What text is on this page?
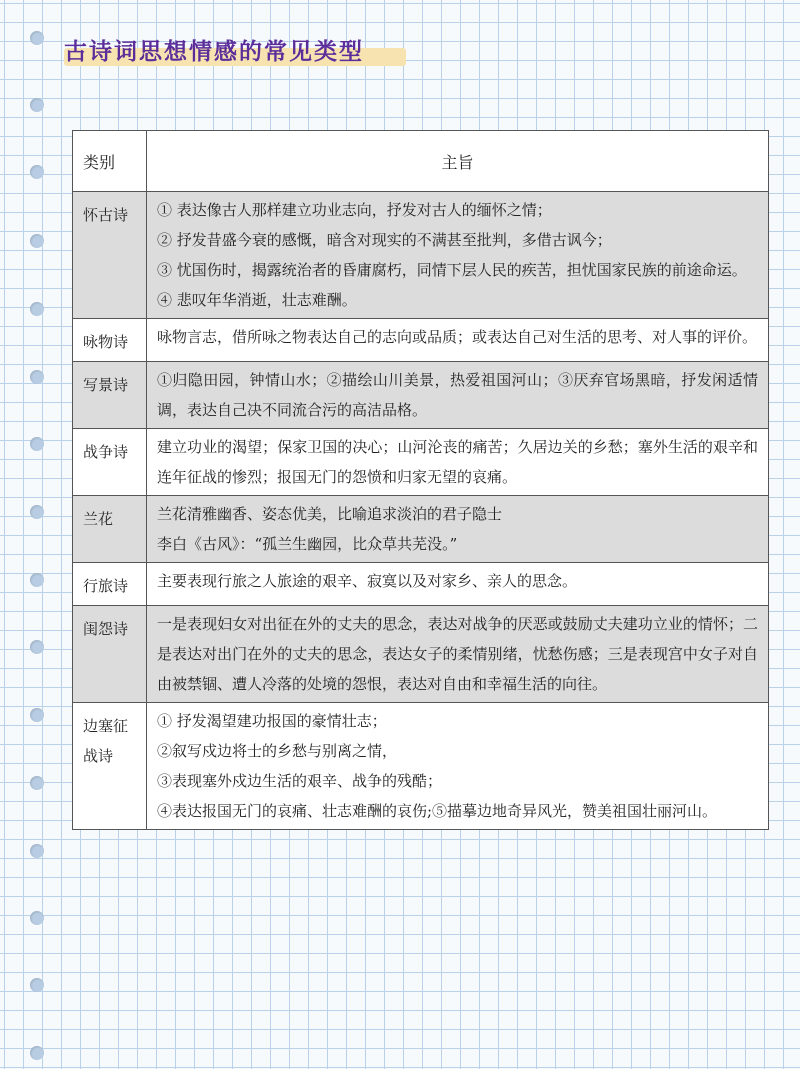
古诗词思想情感的常见类型
类别	主旨
怀古诗	① 表达像古人那样建立功业志向，抒发对古人的缅怀之情；
② 抒发昔盛今衰的感慨，暗含对现实的不满甚至批判，多借古讽今；
③ 忧国伤时，揭露统治者的昏庸腐朽，同情下层人民的疾苦，担忧国家民族的前途命运。
④ 悲叹年华消逝，壮志难酬。

咏物诗	咏物言志，借所咏之物表达自己的志向或品质；或表达自己对生活的思考、对人事的评价。

写景诗	①归隐田园，钟情山水；②描绘山川美景，热爱祖国河山；③厌弃官场黑暗，抒发闲适情调，表达自己决不同流合污的高洁品格。

战争诗	建立功业的渴望；保家卫国的决心；山河沦丧的痛苦；久居边关的乡愁；塞外生活的艰辛和连年征战的惨烈；报国无门的怨愤和归家无望的哀痛。

兰花	兰花清雅幽香、姿态优美，比喻追求淡泊的君子隐士
李白《古风》：“孤兰生幽园，比众草共芜没。”

行旅诗	主要表现行旅之人旅途的艰辛、寂寞以及对家乡、亲人的思念。

闺怨诗	一是表现妇女对出征在外的丈夫的思念，表达对战争的厌恶或鼓励丈夫建功立业的情怀；二是表达对出门在外的丈夫的思念，表达女子的柔情别绪，忧愁伤感；三是表现宫中女子对自由被禁锢、遭人冷落的处境的怨恨，表达对自由和幸福生活的向往。

边塞征战诗	① 抒发渴望建功报国的豪情壮志；
②叙写戍边将士的乡愁与别离之情，
③表现塞外戍边生活的艰辛、战争的残酷；
④表达报国无门的哀痛、壮志难酬的哀伤;⑤描摹边地奇异风光，赞美祖国壮丽河山。
